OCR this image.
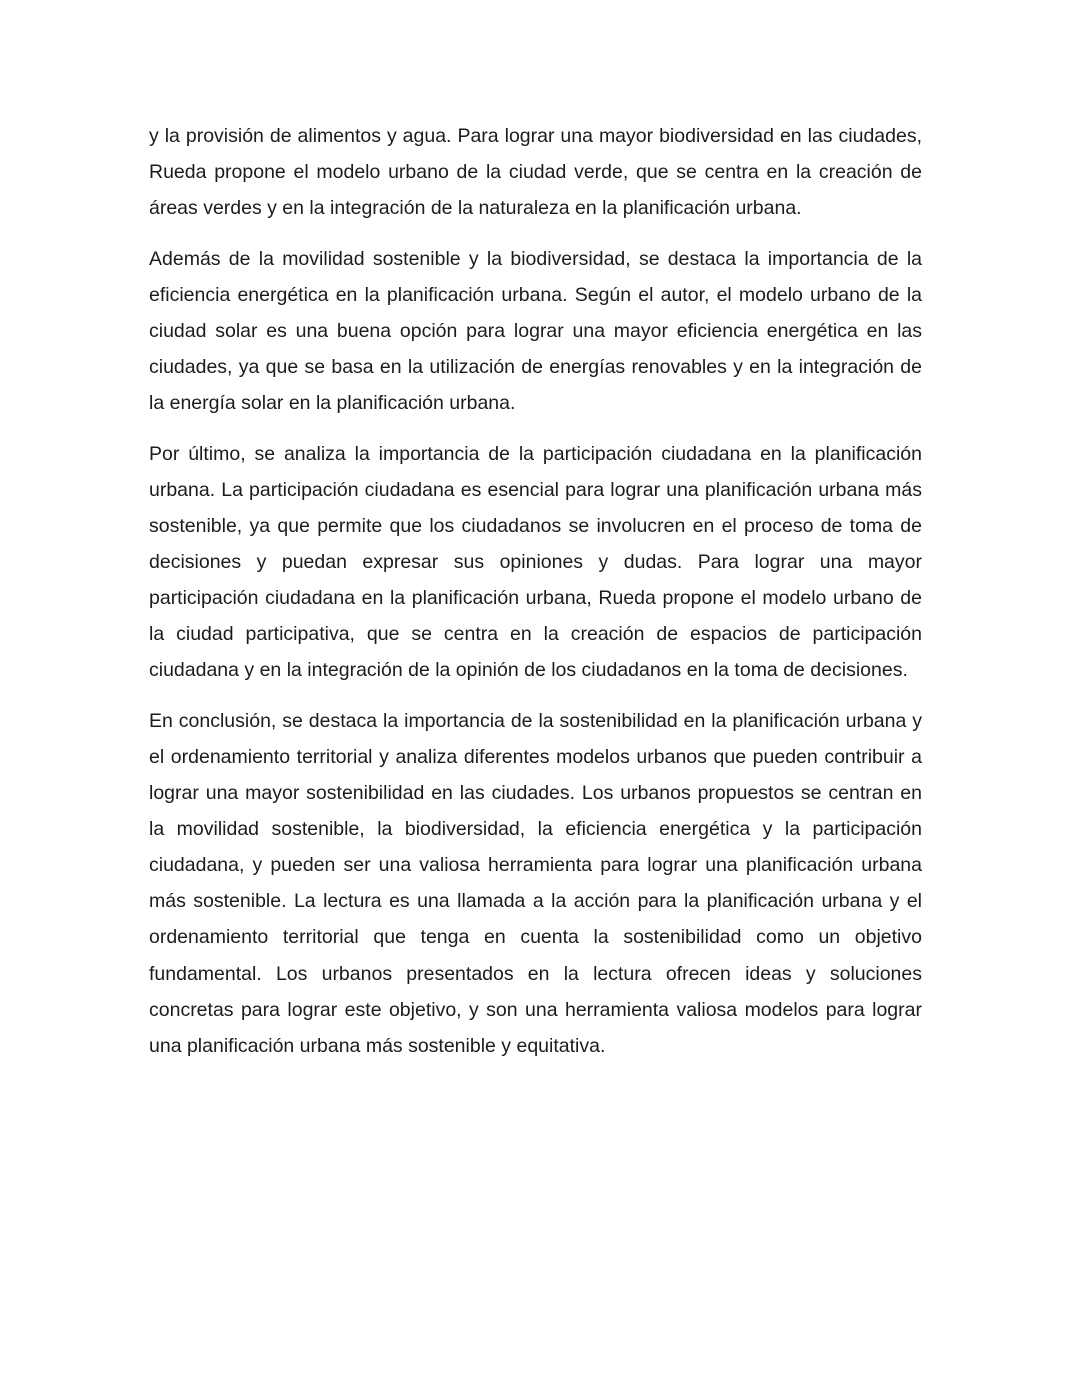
y la provisión de alimentos y agua. Para lograr una mayor biodiversidad en las ciudades, Rueda propone el modelo urbano de la ciudad verde, que se centra en la creación de áreas verdes y en la integración de la naturaleza en la planificación urbana.

Además de la movilidad sostenible y la biodiversidad, se destaca la importancia de la eficiencia energética en la planificación urbana. Según el autor, el modelo urbano de la ciudad solar es una buena opción para lograr una mayor eficiencia energética en las ciudades, ya que se basa en la utilización de energías renovables y en la integración de la energía solar en la planificación urbana.

Por último, se analiza la importancia de la participación ciudadana en la planificación urbana. La participación ciudadana es esencial para lograr una planificación urbana más sostenible, ya que permite que los ciudadanos se involucren en el proceso de toma de decisiones y puedan expresar sus opiniones y dudas. Para lograr una mayor participación ciudadana en la planificación urbana, Rueda propone el modelo urbano de la ciudad participativa, que se centra en la creación de espacios de participación ciudadana y en la integración de la opinión de los ciudadanos en la toma de decisiones.

En conclusión, se destaca la importancia de la sostenibilidad en la planificación urbana y el ordenamiento territorial y analiza diferentes modelos urbanos que pueden contribuir a lograr una mayor sostenibilidad en las ciudades. Los urbanos propuestos se centran en la movilidad sostenible, la biodiversidad, la eficiencia energética y la participación ciudadana, y pueden ser una valiosa herramienta para lograr una planificación urbana más sostenible. La lectura es una llamada a la acción para la planificación urbana y el ordenamiento territorial que tenga en cuenta la sostenibilidad como un objetivo fundamental. Los urbanos presentados en la lectura ofrecen ideas y soluciones concretas para lograr este objetivo, y son una herramienta valiosa modelos para lograr una planificación urbana más sostenible y equitativa.
